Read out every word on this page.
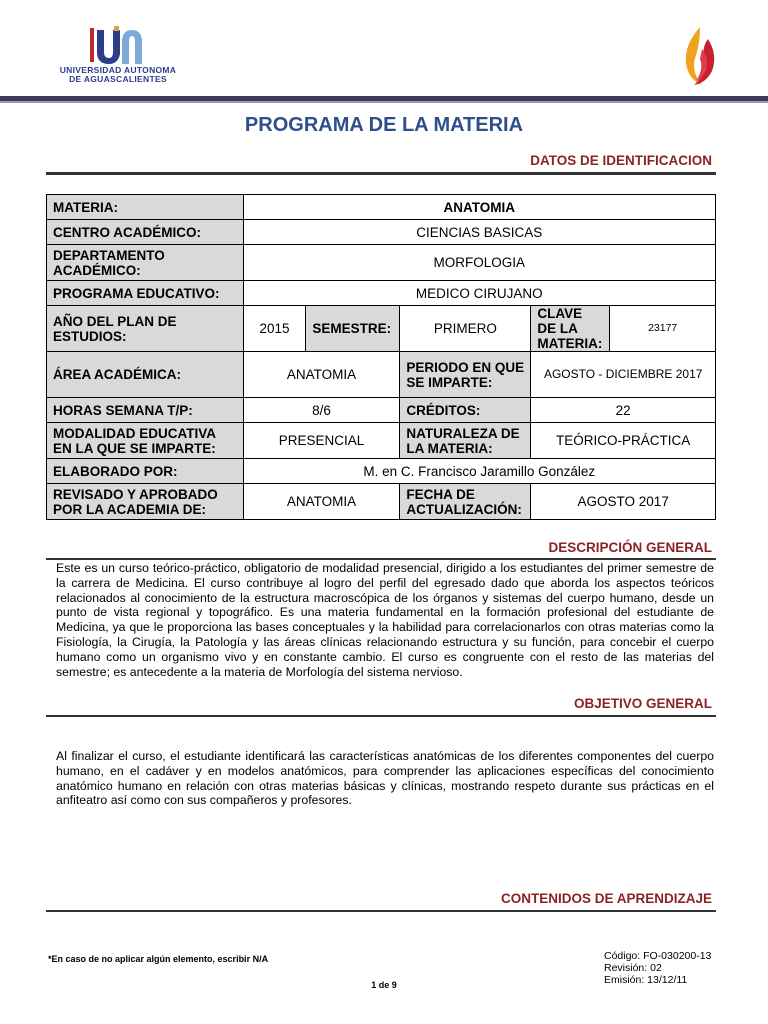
UNIVERSIDAD AUTONOMA
DE AGUASCALIENTES
PROGRAMA DE LA MATERIA
DATOS DE IDENTIFICACION
MATERIA:	ANATOMIA				
CENTRO ACADÉMICO:	CIENCIAS BASICAS				
DEPARTAMENTO ACADÉMICO:	MORFOLOGIA				
PROGRAMA EDUCATIVO:	MEDICO CIRUJANO				
AÑO DEL PLAN DE ESTUDIOS:	2015	SEMESTRE:	PRIMERO	CLAVE DE LA MATERIA:	23177
ÁREA ACADÉMICA:	ANATOMIA		PERIODO EN QUE SE IMPARTE:	AGOSTO - DICIEMBRE 2017	
HORAS SEMANA T/P:	8/6		CRÉDITOS:	22	
MODALIDAD EDUCATIVA EN LA QUE SE IMPARTE:	PRESENCIAL		NATURALEZA DE LA MATERIA:	TEÓRICO-PRÁCTICA	
ELABORADO POR:	M. en C. Francisco Jaramillo González				
REVISADO Y APROBADO POR LA ACADEMIA DE:	ANATOMIA		FECHA DE ACTUALIZACIÓN:	AGOSTO 2017	
DESCRIPCIÓN GENERAL
Este es un curso teórico-práctico, obligatorio de modalidad presencial, dirigido a los estudiantes del primer semestre de la carrera de Medicina. El curso contribuye al logro del perfil del egresado dado que aborda los aspectos teóricos relacionados al conocimiento de la estructura macroscópica de los órganos y sistemas del cuerpo humano, desde un punto de vista regional y topográfico. Es una materia fundamental en la formación profesional del estudiante de Medicina, ya que le proporciona las bases conceptuales y la habilidad para correlacionarlos con otras materias como la Fisiología, la Cirugía, la Patología y las áreas clínicas relacionando estructura y su función, para concebir el cuerpo humano como un organismo vivo y en constante cambio. El curso es congruente con el resto de las materias del semestre; es antecedente a la materia de Morfología del sistema nervioso.
OBJETIVO GENERAL
Al finalizar el curso, el estudiante identificará las características anatómicas de los diferentes componentes del cuerpo humano, en el cadáver y en modelos anatómicos, para comprender las aplicaciones específicas del conocimiento anatómico humano en relación con otras materias básicas y clínicas, mostrando respeto durante sus prácticas en el anfiteatro así como con sus compañeros y profesores.
CONTENIDOS DE APRENDIZAJE
*En caso de no aplicar algún elemento, escribir N/A
1 de 9
Código: FO-030200-13
Revisión: 02
Emisión: 13/12/11
